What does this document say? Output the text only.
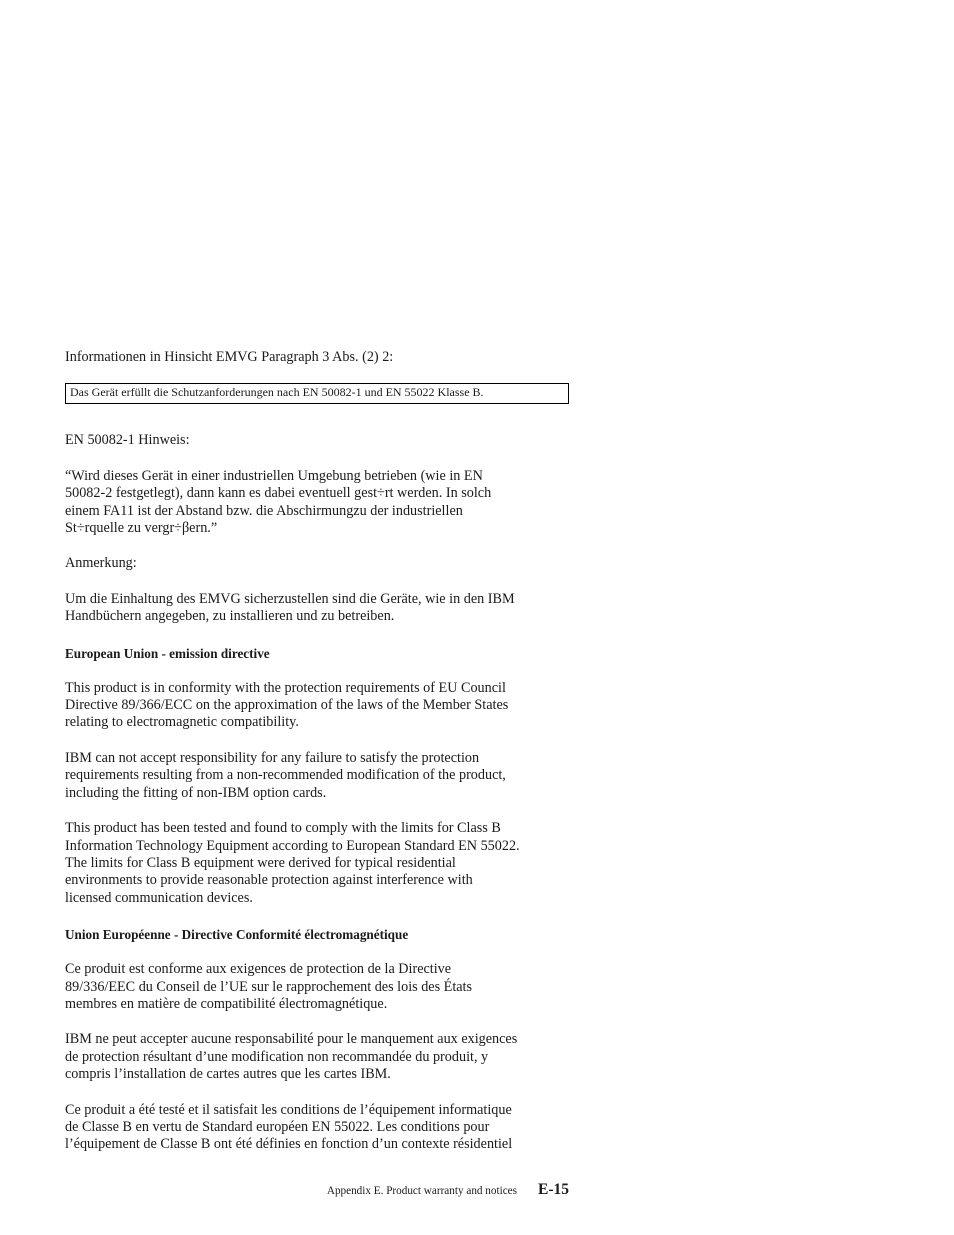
Informationen in Hinsicht EMVG Paragraph 3 Abs. (2) 2:

Das Gerät erfüllt die Schutzanforderungen nach EN 50082-1 und EN 55022 Klasse B.

EN 50082-1 Hinweis:

“Wird dieses Gerät in einer industriellen Umgebung betrieben (wie in EN
50082-2 festgetlegt), dann kann es dabei eventuell gest÷rt werden. In solch
einem FA11 ist der Abstand bzw. die Abschirmungzu der industriellen
St÷rquelle zu vergr÷βern.”

Anmerkung:

Um die Einhaltung des EMVG sicherzustellen sind die Geräte, wie in den IBM
Handbüchern angegeben, zu installieren und zu betreiben.

European Union - emission directive

This product is in conformity with the protection requirements of EU Council
Directive 89/366/ECC on the approximation of the laws of the Member States
relating to electromagnetic compatibility.

IBM can not accept responsibility for any failure to satisfy the protection
requirements resulting from a non-recommended modification of the product,
including the fitting of non-IBM option cards.

This product has been tested and found to comply with the limits for Class B
Information Technology Equipment according to European Standard EN 55022.
The limits for Class B equipment were derived for typical residential
environments to provide reasonable protection against interference with
licensed communication devices.

Union Européenne - Directive Conformité électromagnétique

Ce produit est conforme aux exigences de protection de la Directive
89/336/EEC du Conseil de l’UE sur le rapprochement des lois des États
membres en matière de compatibilité électromagnétique.

IBM ne peut accepter aucune responsabilité pour le manquement aux exigences
de protection résultant d’une modification non recommandée du produit, y
compris l’installation de cartes autres que les cartes IBM.

Ce produit a été testé et il satisfait les conditions de l’équipement informatique
de Classe B en vertu de Standard européen EN 55022. Les conditions pour
l’équipement de Classe B ont été définies en fonction d’un contexte résidentiel

Appendix E. Product warranty and notices E-15
